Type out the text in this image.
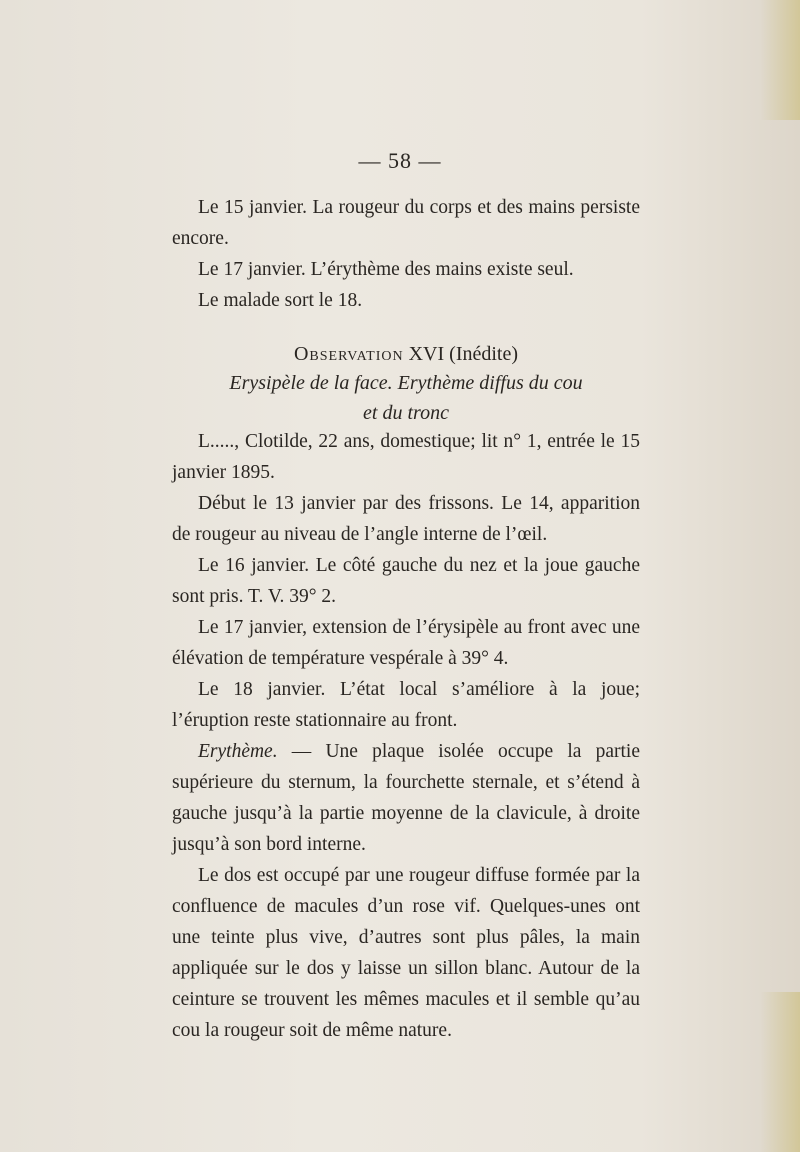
— 58 —

Le 15 janvier. La rougeur du corps et des mains persiste encore.

Le 17 janvier. L’érythème des mains existe seul.

Le malade sort le 18.

Observation XVI (Inédite)
Erysipèle de la face. Erythème diffus du cou
et du tronc

L....., Clotilde, 22 ans, domestique; lit n° 1, entrée le 15 janvier 1895.

Début le 13 janvier par des frissons. Le 14, apparition de rougeur au niveau de l’angle interne de l’œil.

Le 16 janvier. Le côté gauche du nez et la joue gauche sont pris. T. V. 39° 2.

Le 17 janvier, extension de l’érysipèle au front avec une élévation de température vespérale à 39° 4.

Le 18 janvier. L’état local s’améliore à la joue; l’éruption reste stationnaire au front.

Erythème. — Une plaque isolée occupe la partie supérieure du sternum, la fourchette sternale, et s’étend à gauche jusqu’à la partie moyenne de la clavicule, à droite jusqu’à son bord interne.

Le dos est occupé par une rougeur diffuse formée par la confluence de macules d’un rose vif. Quelques-unes ont une teinte plus vive, d’autres sont plus pâles, la main appliquée sur le dos y laisse un sillon blanc. Autour de la ceinture se trouvent les mêmes macules et il semble qu’au cou la rougeur soit de même nature.
